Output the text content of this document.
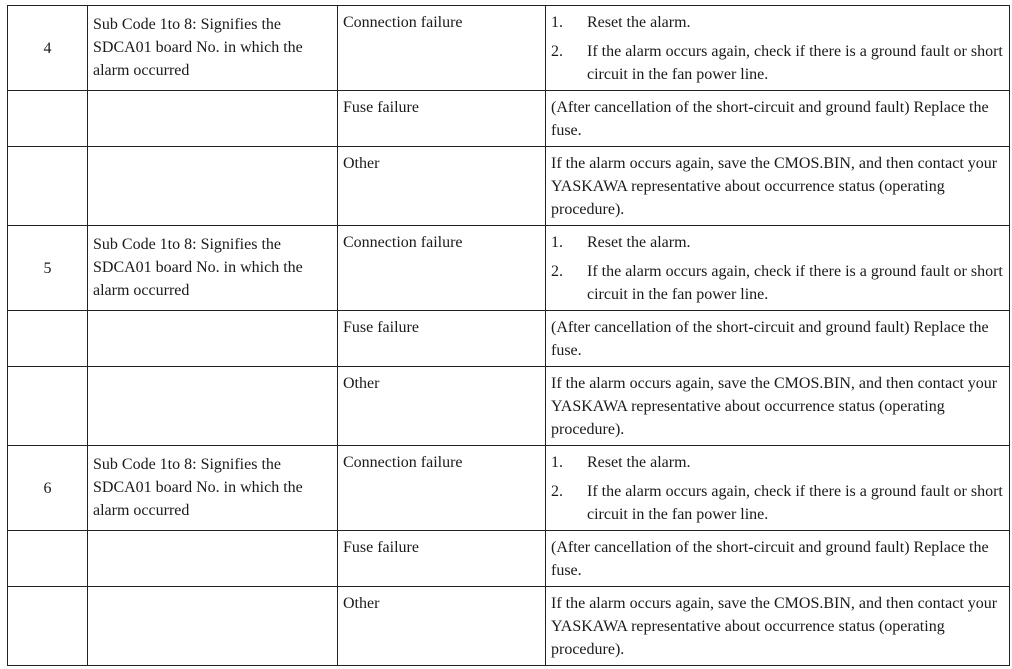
4	Sub Code 1to 8: Signifies the SDCA01 board No. in which the alarm occurred	Connection failure	1. Reset the alarm.
2. If the alarm occurs again, check if there is a ground fault or short circuit in the fan power line.

		Fuse failure	(After cancellation of the short-circuit and ground fault) Replace the fuse.
		Other	If the alarm occurs again, save the CMOS.BIN, and then contact your YASKAWA representative about occurrence status (operating procedure).
5	Sub Code 1to 8: Signifies the SDCA01 board No. in which the alarm occurred	Connection failure	1. Reset the alarm.
2. If the alarm occurs again, check if there is a ground fault or short circuit in the fan power line.

		Fuse failure	(After cancellation of the short-circuit and ground fault) Replace the fuse.
		Other	If the alarm occurs again, save the CMOS.BIN, and then contact your YASKAWA representative about occurrence status (operating procedure).
6	Sub Code 1to 8: Signifies the SDCA01 board No. in which the alarm occurred	Connection failure	1. Reset the alarm.
2. If the alarm occurs again, check if there is a ground fault or short circuit in the fan power line.

		Fuse failure	(After cancellation of the short-circuit and ground fault) Replace the fuse.
		Other	If the alarm occurs again, save the CMOS.BIN, and then contact your YASKAWA representative about occurrence status (operating procedure).
